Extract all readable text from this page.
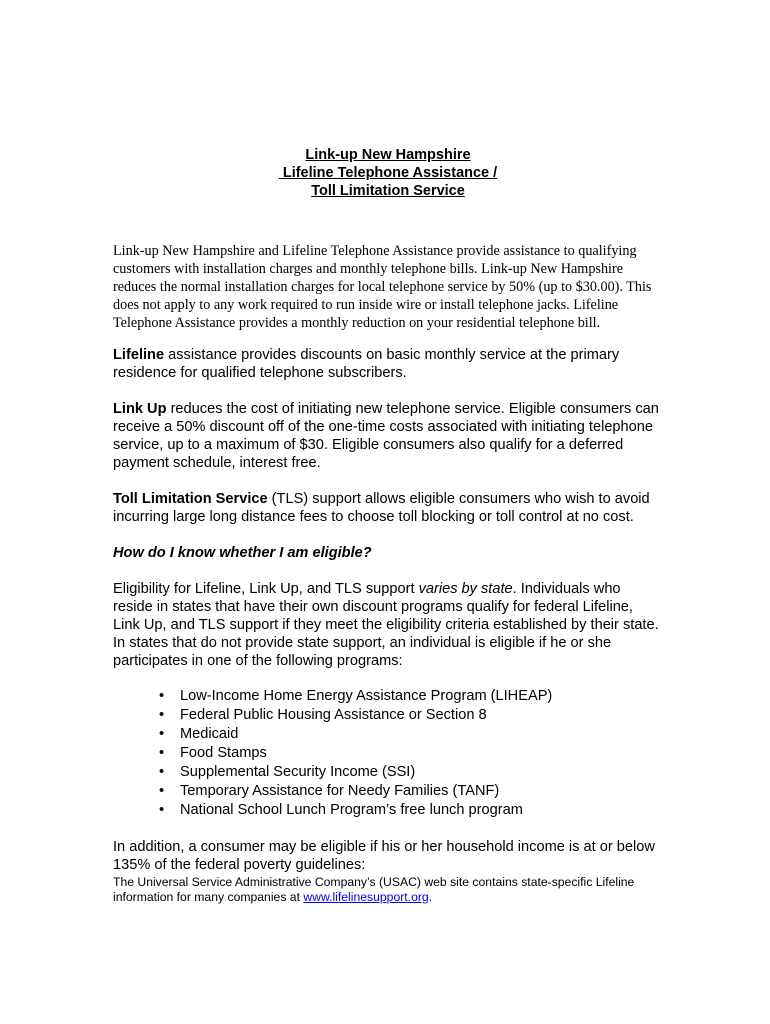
Link-up New Hampshire
Lifeline Telephone Assistance /
Toll Limitation Service

Link-up New Hampshire and Lifeline Telephone Assistance provide assistance to qualifying customers with installation charges and monthly telephone bills. Link-up New Hampshire reduces the normal installation charges for local telephone service by 50% (up to $30.00). This does not apply to any work required to run inside wire or install telephone jacks. Lifeline Telephone Assistance provides a monthly reduction on your residential telephone bill.

Lifeline assistance provides discounts on basic monthly service at the primary residence for qualified telephone subscribers.

Link Up reduces the cost of initiating new telephone service. Eligible consumers can receive a 50% discount off of the one-time costs associated with initiating telephone service, up to a maximum of $30. Eligible consumers also qualify for a deferred payment schedule, interest free.

Toll Limitation Service (TLS) support allows eligible consumers who wish to avoid incurring large long distance fees to choose toll blocking or toll control at no cost.

How do I know whether I am eligible?

Eligibility for Lifeline, Link Up, and TLS support varies by state. Individuals who reside in states that have their own discount programs qualify for federal Lifeline, Link Up, and TLS support if they meet the eligibility criteria established by their state. In states that do not provide state support, an individual is eligible if he or she participates in one of the following programs:

• Low-Income Home Energy Assistance Program (LIHEAP)
• Federal Public Housing Assistance or Section 8
• Medicaid
• Food Stamps
• Supplemental Security Income (SSI)
• Temporary Assistance for Needy Families (TANF)
• National School Lunch Program’s free lunch program

In addition, a consumer may be eligible if his or her household income is at or below 135% of the federal poverty guidelines:

The Universal Service Administrative Company’s (USAC) web site contains state-specific Lifeline information for many companies at www.lifelinesupport.org.
